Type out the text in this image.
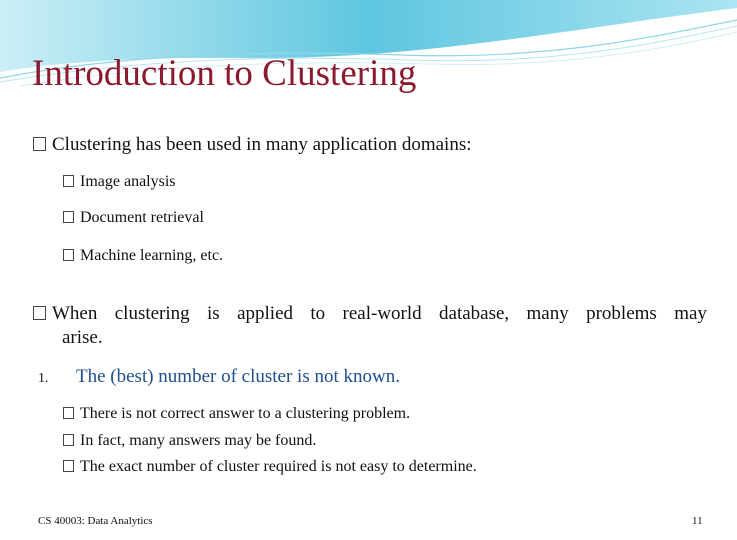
Introduction to Clustering
Clustering has been used in many application domains:
Image analysis
Document retrieval
Machine learning, etc.
When clustering is applied to real-world database, many problems may
arise.
1. The (best) number of cluster is not known.
There is not correct answer to a clustering problem.
In fact, many answers may be found.
The exact number of cluster required is not easy to determine.
CS 40003: Data Analytics	11
